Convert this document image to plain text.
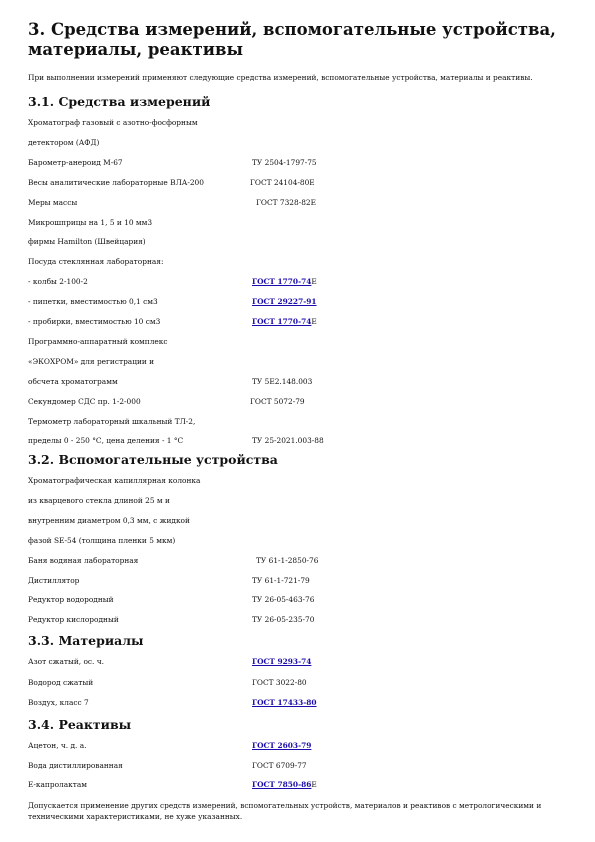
3. Средства измерений, вспомогательные устройства, материалы, реактивы
При выполнении измерений применяют следующие средства измерений, вспомогательные устройства, материалы и реактивы.
3.1. Средства измерений
Хроматограф газовый с азотно-фосфорным
детектором (АФД)
Барометр-анероид М-67	ТУ 2504-1797-75
Весы аналитические лабораторные ВЛА-200	ГОСТ 24104-80Е
Меры массы	ГОСТ 7328-82Е
Микрошприцы на 1, 5 и 10 мм3
фирмы Hamilton (Швейцария)
Посуда стеклянная лабораторная:
- колбы 2-100-2	ГОСТ 1770-74Е
- пипетки, вместимостью 0,1 см3	ГОСТ 29227-91
- пробирки, вместимостью 10 см3	ГОСТ 1770-74Е
Программно-аппаратный комплекс
«ЭКОХРОМ» для регистрации и
обсчета хроматограмм	ТУ 5Е2.148.003
Секундомер СДС пр. 1-2-000	ГОСТ 5072-79
Термометр лабораторный шкальный ТЛ-2,
пределы 0 - 250 °С, цена деления - 1 °С	ТУ 25-2021.003-88
3.2. Вспомогательные устройства
Хроматографическая капиллярная колонка
из кварцевого стекла длиной 25 м и
внутренним диаметром 0,3 мм, с жидкой
фазой SE-54 (толщина пленки 5 мкм)
Баня водяная лабораторная	ТУ 61-1-2850-76
Дистиллятор	ТУ 61-1-721-79
Редуктор водородный	ТУ 26-05-463-76
Редуктор кислородный	ТУ 26-05-235-70
3.3. Материалы
Азот сжатый, ос. ч.	ГОСТ 9293-74
Водород сжатый	ГОСТ 3022-80
Воздух, класс 7	ГОСТ 17433-80
3.4. Реактивы
Ацетон, ч. д. а.	ГОСТ 2603-79
Вода дистиллированная	ГОСТ 6709-77
Е-капролактам	ГОСТ 7850-86Е
Допускается применение других средств измерений, вспомогательных устройств, материалов и реактивов с метрологическими и техническими характеристиками, не хуже указанных.
